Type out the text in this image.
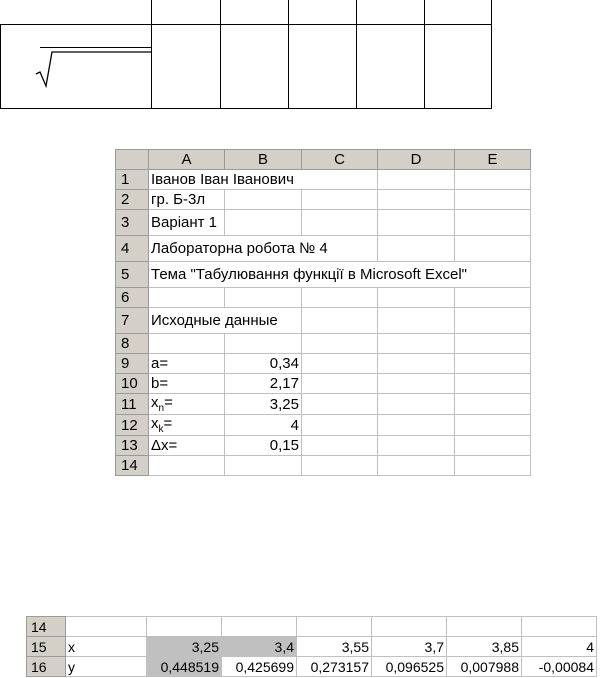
	A	B	C	D	E
1	Іванов Іван Іванович				
2	гр. Б-3л				
3	Варіант 1				
4	Лабораторна робота № 4				
5	Тема "Табулювання функції в Microsoft Excel"				
6					
7	Исходные данные				
8					
9	a=	0,34			
10	b=	2,17			
11	$x_n=$	3,25			
12	$x_k=$	4			
13	Δx=	0,15			
14					
14							
15	x	3,25	3,4	3,55	3,7	3,85	4
16	y	0,448519	0,425699	0,273157	0,096525	0,007988	-0,00084
